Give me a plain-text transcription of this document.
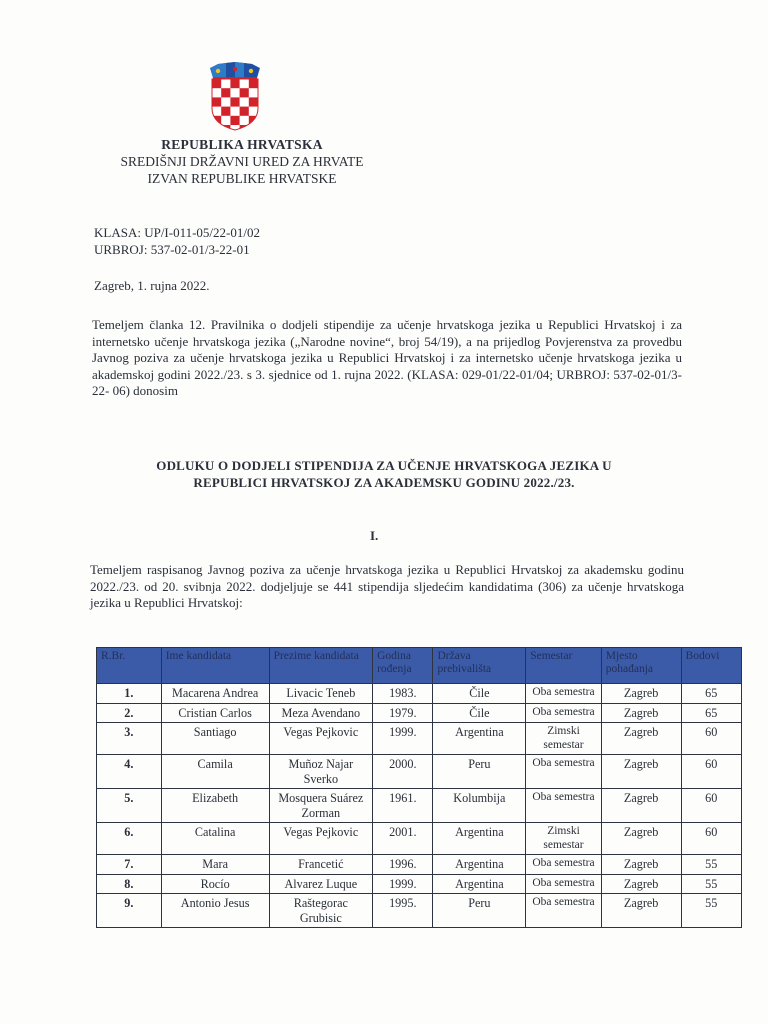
REPUBLIKA HRVATSKA
SREDIŠNJI DRŽAVNI URED ZA HRVATE
IZVAN REPUBLIKE HRVATSKE
KLASA: UP/I-011-05/22-01/02
URBROJ: 537-02-01/3-22-01
Zagreb, 1. rujna 2022.

Temeljem članka 12. Pravilnika o dodjeli stipendije za učenje hrvatskoga jezika u Republici Hrvatskoj i za internetsko učenje hrvatskoga jezika („Narodne novine“, broj 54/19), a na prijedlog Povjerenstva za provedbu Javnog poziva za učenje hrvatskoga jezika u Republici Hrvatskoj i za internetsko učenje hrvatskoga jezika u akademskoj godini 2022./23. s 3. sjednice od 1. rujna 2022. (KLASA: 029-01/22-01/04; URBROJ: 537-02-01/3-22- 06) donosim

ODLUKU O DODJELI STIPENDIJA ZA UČENJE HRVATSKOGA JEZIKA U
REPUBLICI HRVATSKOJ ZA AKADEMSKU GODINU 2022./23.
I.

Temeljem raspisanog Javnog poziva za učenje hrvatskoga jezika u Republici Hrvatskoj za akademsku godinu 2022./23. od 20. svibnja 2022. dodjeljuje se 441 stipendija sljedećim kandidatima (306) za učenje hrvatskoga jezika u Republici Hrvatskoj:

R.Br.	Ime kandidata	Prezime kandidata	Godina rođenja	Država prebivališta	Semestar	Mjesto pohađanja	Bodovi
1.	Macarena Andrea	Livacic Teneb	1983.	Čile	Oba semestra	Zagreb	65
2.	Cristian Carlos	Meza Avendano	1979.	Čile	Oba semestra	Zagreb	65
3.	Santiago	Vegas Pejkovic	1999.	Argentina	Zimski semestar	Zagreb	60
4.	Camila	Muñoz Najar Sverko	2000.	Peru	Oba semestra	Zagreb	60
5.	Elizabeth	Mosquera Suárez Zorman	1961.	Kolumbija	Oba semestra	Zagreb	60
6.	Catalina	Vegas Pejkovic	2001.	Argentina	Zimski semestar	Zagreb	60
7.	Mara	Francetić	1996.	Argentina	Oba semestra	Zagreb	55
8.	Rocío	Alvarez Luque	1999.	Argentina	Oba semestra	Zagreb	55
9.	Antonio Jesus	Raštegorac Grubisic	1995.	Peru	Oba semestra	Zagreb	55
